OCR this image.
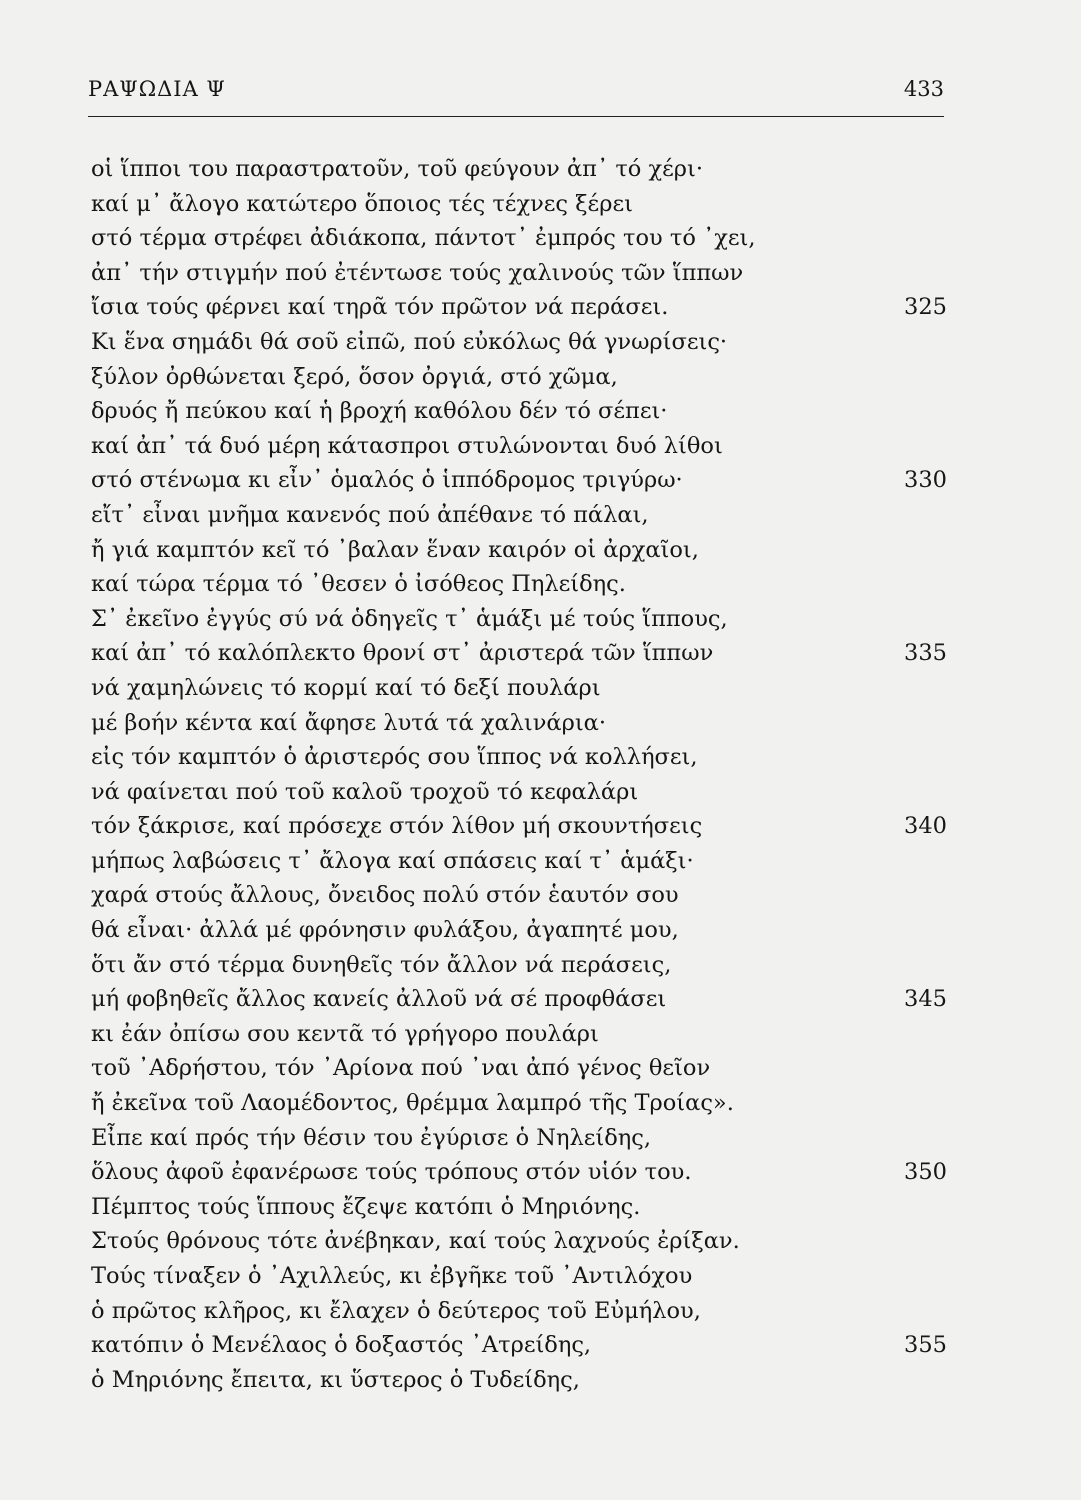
ΡΑΨΩΔΙΑ Ψ	433
οἱ ἵπποι του παραστρατοῦν, τοῦ φεύγουν ἀπ᾽ τό χέρι·
καί μ᾽ ἄλογο κατώτερο ὅποιος τές τέχνες ξέρει
στό τέρμα στρέφει ἀδιάκοπα, πάντοτ᾽ ἐμπρός του τό ᾽χει,
ἀπ᾽ τήν στιγμήν πού ἐτέντωσε τούς χαλινούς τῶν ἵππων
ἴσια τούς φέρνει καί τηρᾶ τόν πρῶτον νά περάσει.	325
Κι ἕνα σημάδι θά σοῦ εἰπῶ, πού εὐκόλως θά γνωρίσεις·
ξύλον ὀρθώνεται ξερό, ὅσον ὀργιά, στό χῶμα,
δρυός ἤ πεύκου καί ἡ βροχή καθόλου δέν τό σέπει·
καί ἀπ᾽ τά δυό μέρη κάτασπροι στυλώνονται δυό λίθοι
στό στένωμα κι εἶν᾽ ὁμαλός ὁ ἱππόδρομος τριγύρω·	330
εἴτ᾽ εἶναι μνῆμα κανενός πού ἀπέθανε τό πάλαι,
ἤ γιά καμπτόν κεῖ τό ᾽βαλαν ἕναν καιρόν οἱ ἀρχαῖοι,
καί τώρα τέρμα τό ᾽θεσεν ὁ ἰσόθεος Πηλείδης.
Σ᾽ ἐκεῖνο ἐγγύς σύ νά ὁδηγεῖς τ᾽ ἁμάξι μέ τούς ἵππους,
καί ἀπ᾽ τό καλόπλεκτο θρονί στ᾽ ἀριστερά τῶν ἵππων	335
νά χαμηλώνεις τό κορμί καί τό δεξί πουλάρι
μέ βοήν κέντα καί ἄφησε λυτά τά χαλινάρια·
εἰς τόν καμπτόν ὁ ἀριστερός σου ἵππος νά κολλήσει,
νά φαίνεται πού τοῦ καλοῦ τροχοῦ τό κεφαλάρι
τόν ξάκρισε, καί πρόσεχε στόν λίθον μή σκουντήσεις	340
μήπως λαβώσεις τ᾽ ἄλογα καί σπάσεις καί τ᾽ ἁμάξι·
χαρά στούς ἄλλους, ὄνειδος πολύ στόν ἑαυτόν σου
θά εἶναι· ἀλλά μέ φρόνησιν φυλάξου, ἀγαπητέ μου,
ὅτι ἄν στό τέρμα δυνηθεῖς τόν ἄλλον νά περάσεις,
μή φοβηθεῖς ἄλλος κανείς ἀλλοῦ νά σέ προφθάσει	345
κι ἐάν ὀπίσω σου κεντᾶ τό γρήγορο πουλάρι
τοῦ ᾽Αδρήστου, τόν ᾽Αρίονα πού ᾽ναι ἀπό γένος θεῖον
ἤ ἐκεῖνα τοῦ Λαομέδοντος, θρέμμα λαμπρό τῆς Τροίας».
Εἶπε καί πρός τήν θέσιν του ἐγύρισε ὁ Νηλείδης,
ὅλους ἀφοῦ ἐφανέρωσε τούς τρόπους στόν υἱόν του.	350
Πέμπτος τούς ἵππους ἔζεψε κατόπι ὁ Μηριόνης.
Στούς θρόνους τότε ἀνέβηκαν, καί τούς λαχνούς ἐρίξαν.
Τούς τίναξεν ὁ ᾽Αχιλλεύς, κι ἐβγῆκε τοῦ ᾽Αντιλόχου
ὁ πρῶτος κλῆρος, κι ἔλαχεν ὁ δεύτερος τοῦ Εὐμήλου,
κατόπιν ὁ Μενέλαος ὁ δοξαστός ᾽Ατρείδης,	355
ὁ Μηριόνης ἔπειτα, κι ὕστερος ὁ Τυδείδης,
